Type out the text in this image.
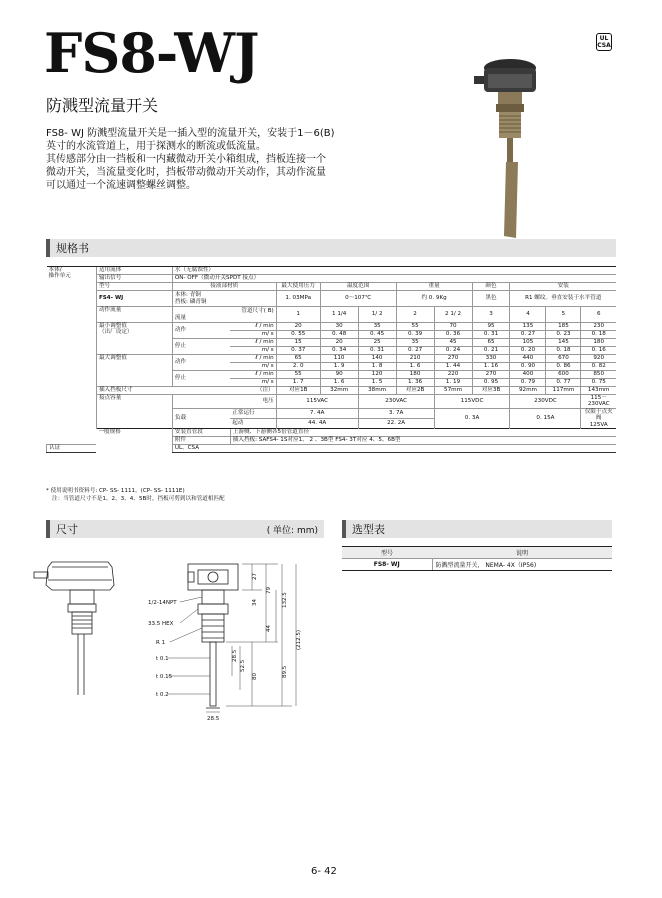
FS8-WJ	UL
CSA
防溅型流量开关

FS8- WJ 防溅型流量开关是一插入型的流量开关，安装于1－6(B)

英寸的水流管道上，用于探测水的断流或低流量。

其传感部分由一挡板和一内藏微动开关小箱组成，挡板连接一个

微动开关，当流量变化时，挡板带动微动开关动作，其动作流量

可以通过一个流速调整螺丝调整。

规格书
本体/
操作单元	适用流体	水（无腐蚀性）										
	输出信号	ON- OFF（微动开关SPDT 接点）										
	型号	接液部材质		最大使用压力	温度范围		重量		颜色	安装		
	FS4- WJ	本体: 青铜
挡板: 磷青铜		1. 03MPa	0～107℃		约 0. 9Kg		黑色	R1 螺纹。垂直安装于水平管道		
	动作流量	管道尺寸( B)
流量		1	1 1/4	1/ 2	2	2 1/ 2	3	4	5	6
	最小调整值
（出厂设定）	动作	ℓ / min	20	30	35	55	70	95	135	185	230
			m/ s	0. 55	0. 48	0. 45	0. 39	0. 36	0. 31	0. 27	0. 23	0. 18
		停止	ℓ / min	15	20	25	35	45	65	105	145	180
			m/ s	0. 37	0. 34	0. 31	0. 27	0. 24	0. 21	0. 20	0. 18	0. 16
	最大调整值	动作	ℓ / min	65	110	140	210	270	330	440	670	920
			m/ s	2. 0	1. 9	1. 8	1. 6	1. 44	1. 16	0. 90	0. 86	0. 82
		停止	ℓ / min	55	90	120	180	220	270	400	600	850
			m/ s	1. 7	1. 6	1. 5	1. 36	1. 19	0. 95	0. 79	0. 77	0. 75
	插入挡板尺寸		（注）	对应1B	32mm	38mm	对应2B	57mm	对应3B	92mm	117mm	143mm
	接点容量	电压		115VAC		230VAC		115VDC		230VDC		115－
230VAC
		负载	正常运行	7. 4A		3. 7A		0. 3A		0. 15A		仅限于点火阀
125VA
			起动	44. 4A		22. 2A						
	一般规格	安装直管段	上游侧、下游侧各5倍管道直径									
		附件	插入挡板: SAFS4- 1S对应1、 2 、3B型 FS4- 3T对应 4、5、6B型									
认证		UL、CSA										
* 使用说明书资料号: CP- SS- 1111，(CP- SS- 1111E)
注：当管道尺寸不是1、2、3、4、5B时，挡板可剪到以和管道相匹配
尺寸	( 单位: mm)	选型表
型号	说明
FS8- WJ	防溅型流量开关， NEMA- 4X（IP56)
1/2-14NPT
33.5 HEX
R 1
t 0.1
t 0.15
t 0.2
27
34
79
132.5
(212.5)
44
28.5
52.5
80	89.5
28.5
6- 42
